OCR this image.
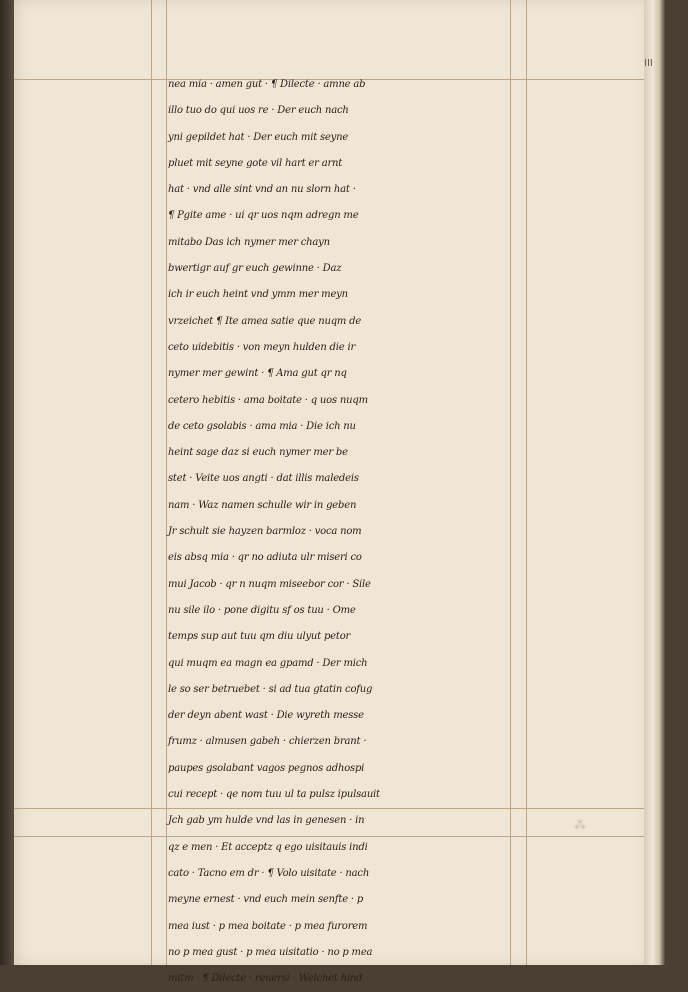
III
⁂
nea mia · amen gut · ¶ Dilecte · amne ab
illo tuo do qui uos re · Der euch nach
yni gepildet hat · Der euch mit seyne
pluet mit seyne gote vil hart er arnt
hat · vnd alle sint vnd an nu slorn hat ·
¶ Pgite ame · ui qr uos nqm adregn me
mitabo Das ich nymer mer chayn
bwertigr auf gr euch gewinne · Daz
ich ir euch heint vnd ymm mer meyn
vrzeichet ¶ Ite amea satie que nuqm de
ceto uidebitis · von meyn hulden die ir
nymer mer gewint · ¶ Ama gut qr nq
cetero hebitis · ama boitate · q uos nuqm
de ceto gsolabis · ama mia · Die ich nu
heint sage daz si euch nymer mer be
stet · Veite uos angti · dat illis maledeis
nam · Waz namen schulle wir in geben
Jr schult sie hayzen barmloz · voca nom
eis absq mia · qr no adiuta ulr miseri co
mui Jacob · qr n nuqm miseebor cor · Sile
nu sile ilo · pone digitu sf os tuu · Ome
temps sup aut tuu qm diu ulyut petor
qui muqm ea magn ea gpamd · Der mich
le so ser betruebet · si ad tua gtatin cofug
der deyn abent wast · Die wyreth messe
frumz · almusen gabeh · chierzen brant ·
paupes gsolabant vagos pegnos adhospi
cui recept · qe nom tuu ul ta pulsz ipulsauit
Jch gab ym hulde vnd las in genesen · in
qz e men · Et acceptz q ego uisitauis indi
cato · Tacno em dr · ¶ Volo uisitate · nach
meyne ernest · vnd euch mein senfte · p
mea iust · p mea boitate · p mea furorem
no p mea gust · p mea uisitatio · no p mea
mitm · ¶ Dilecte · reuersi · Welchet hind
